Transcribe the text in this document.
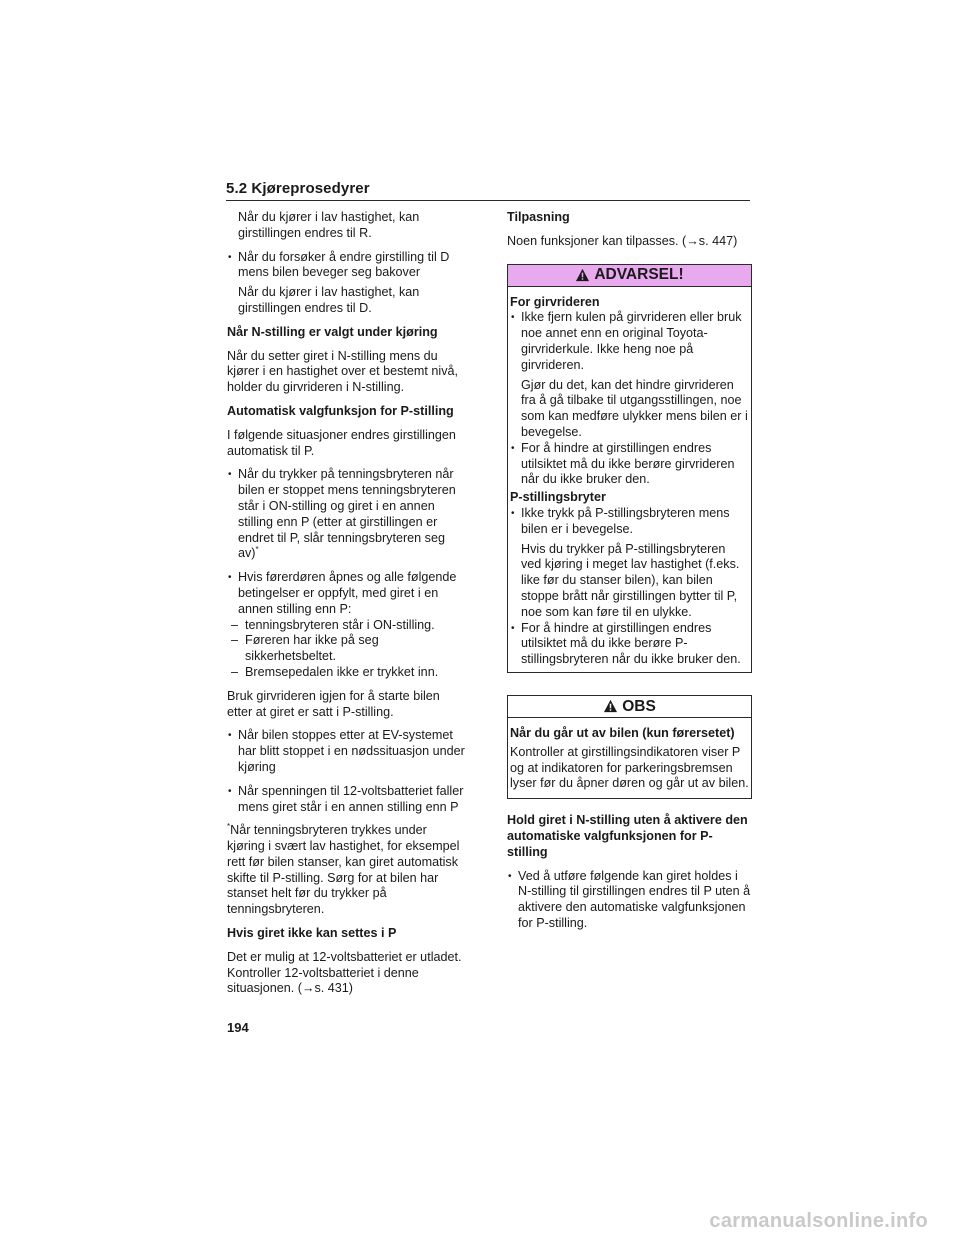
5.2 Kjøreprosedyrer

Når du kjører i lav hastighet, kan girstillingen endres til R.

• Når du forsøker å endre girstilling til D mens bilen beveger seg bakover

Når du kjører i lav hastighet, kan girstillingen endres til D.

Når N-stilling er valgt under kjøring

Når du setter giret i N-stilling mens du kjører i en hastighet over et bestemt nivå, holder du girvrideren i N-stilling.

Automatisk valgfunksjon for P-stilling

I følgende situasjoner endres girstillingen automatisk til P.

• Når du trykker på tenningsbryteren når bilen er stoppet mens tenningsbryteren står i ON-stilling og giret i en annen stilling enn P (etter at girstillingen er endret til P, slår tenningsbryteren seg av)*
• Hvis førerdøren åpnes og alle følgende betingelser er oppfylt, med giret i en annen stilling enn P:
– tenningsbryteren står i ON-stilling.
– Føreren har ikke på seg sikkerhetsbeltet.
– Bremsepedalen ikke er trykket inn.

Bruk girvrideren igjen for å starte bilen etter at giret er satt i P-stilling.

• Når bilen stoppes etter at EV-systemet har blitt stoppet i en nødssituasjon under kjøring
• Når spenningen til 12-voltsbatteriet faller mens giret står i en annen stilling enn P

*Når tenningsbryteren trykkes under kjøring i svært lav hastighet, for eksempel rett før bilen stanser, kan giret automatisk skifte til P-stilling. Sørg for at bilen har stanset helt før du trykker på tenningsbryteren.

Hvis giret ikke kan settes i P

Det er mulig at 12-voltsbatteriet er utladet. Kontroller 12-voltsbatteriet i denne situasjonen. (→s. 431)

Tilpasning

Noen funksjoner kan tilpasses. (→s. 447)

ADVARSEL!

For girvrideren

• Ikke fjern kulen på girvrideren eller bruk noe annet enn en original Toyota-girvriderkule. Ikke heng noe på girvrideren.

Gjør du det, kan det hindre girvrideren fra å gå tilbake til utgangsstillingen, noe som kan medføre ulykker mens bilen er i bevegelse.

• For å hindre at girstillingen endres utilsiktet må du ikke berøre girvrideren når du ikke bruker den.

P-stillingsbryter

• Ikke trykk på P-stillingsbryteren mens bilen er i bevegelse.

Hvis du trykker på P-stillingsbryteren ved kjøring i meget lav hastighet (f.eks. like før du stanser bilen), kan bilen stoppe brått når girstillingen bytter til P, noe som kan føre til en ulykke.

• For å hindre at girstillingen endres utilsiktet må du ikke berøre P-stillingsbryteren når du ikke bruker den.
OBS

Når du går ut av bilen (kun førersetet)

Kontroller at girstillingsindikatoren viser P og at indikatoren for parkeringsbremsen lyser før du åpner døren og går ut av bilen.

Hold giret i N-stilling uten å aktivere den automatiske valgfunksjonen for P-stilling

• Ved å utføre følgende kan giret holdes i N-stilling til girstillingen endres til P uten å aktivere den automatiske valgfunksjonen for P-stilling.
194
carmanualsonline.info
